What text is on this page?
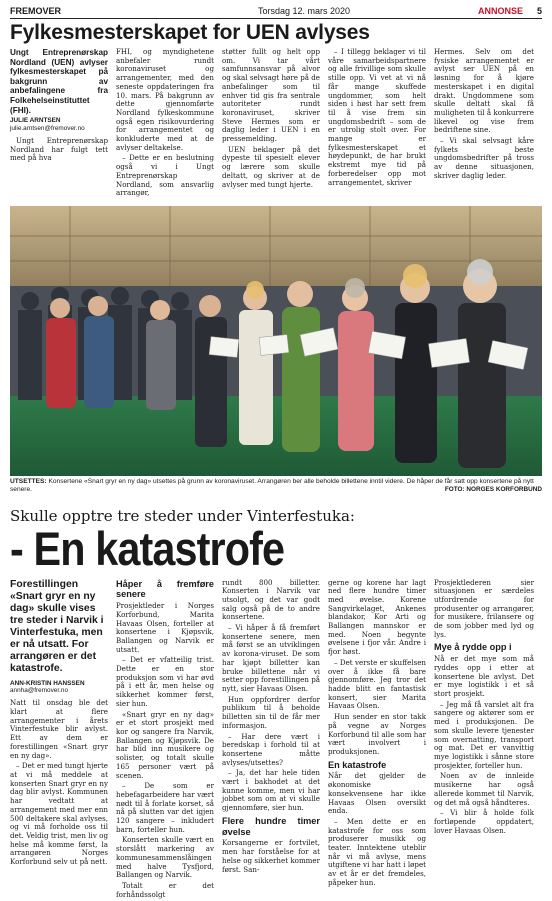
FREMOVER	Torsdag 12. mars 2020	ANNONSE 5
Fylkesmesterskapet for UEN avlyses

Ungt Entreprenørskap Nordland (UEN) avlyser fylkesmesterskapet på bakgrunn av anbefalingene fra Folkehelseinstituttet (FHI).

JULIE ARNTSEN
julie.arntsen@fremover.no

Ungt Entreprenørskap Nordland har fulgt tett med på hva

FHI, og myndighetene anbefaler rundt koronaviruset og arrangementer, med den seneste oppdateringen fra 10. mars. På bakgrunn av dette gjennomførte Nordland fylkeskommune også egen risikovurdering for arrangementet og konkluderte med at de avlyser deltakelse.

– Dette er en beslutning også vi i Ungt Entreprenørskap Nordland, som ansvarlig arrangør,

støtter fullt og helt opp om. Vi tar vårt samfunnsansvar på alvor og skal selvsagt høre på de anbefalinger som til enhver tid gis fra sentrale autoriteter rundt koronaviruset, skriver Steve Hermes som er daglig leder i UEN i en pressemelding.

UEN beklager på det dypeste til spesielt elever og lærere som skulle deltatt, og skriver at de avlyser med tungt hjerte.

– I tillegg beklager vi til våre samarbeidspartnere og alle frivillige som skulle stille opp. Vi vet at vi nå får mange skuffede ungdommer, som helt siden i høst har sett frem til å vise frem sin ungdomsbedrift – som de er utrolig stolt over. For mange er fylkesmesterskapet et høydepunkt, de har brukt ekstremt mye tid på forberedelser opp mot arrangementet, skriver

Hermes. Selv om det fysiske arrangementet er avlyst ser UEN på en løsning for å kjøre mesterskapet i en digital drakt. Ungdommene som skulle deltatt skal få muligheten til å konkurrere likevel og vise frem bedriftene sine.

– Vi skal selvsagt kåre fylkets beste ungdomsbedrifter på tross av denne situasjonen, skriver daglig leder.

UTSETTES: Konsertene «Snart gryr en ny dag» utsettes på grunn av koronaviruset. Arrangøren ber alle beholde billettene inntil videre. De håper de får satt opp konsertene på nytt senere.	FOTO: NORGES KORFORBUND
Skulle opptre tre steder under Vinterfestuka:
- En katastrofe
Forestillingen «Snart gryr en ny dag» skulle vises tre steder i Narvik i Vinterfestuka, men er nå utsatt. For arrangøren er det katastrofe.
ANN-KRISTIN HANSSEN
annha@fremover.no

Natt til onsdag ble det klart at flere arrangementer i årets Vinterfestuke blir avlyst. Ett av dem er forestillingen «Snart gryr en ny dag».

– Det er med tungt hjerte at vi må meddele at konserten Snart gryr en ny dag blir avlyst. Kommunen har vedtatt at arrangement med mer enn 500 deltakere skal avlyses, og vi må forholde oss til det. Veldig trist, men liv og helse må komme først, la arrangøren Norges Korforbund selv ut på nett.

Håper å fremføre senere

Prosjektleder i Norges Korforbund, Marita Havaas Olsen, forteller at konsertene i Kjøpsvik, Ballangen og Narvik er utsatt.

– Det er vfatteilig trist. Dette er en stor produksjon som vi har øvd på i ett år, men helse og sikkerhet kommer først, sier hun.

«Snart gryr en ny dag» er et stort prosjekt med kor og sangere fra Narvik, Ballangen og Kjøpsvik. De har blid inn musikere og solister, og totalt skulle 165 personer vært på scenen.

– De som er hebefagarbeidere har vært nødt til å forlate korset, så nå på slutten var det igjen 120 sangere – inkludert barn, forteller hun.

Konserten skulle vært en storslått markering av kommunesammenslåingen med halve Tysfjord, Ballangen og Narvik.

Totalt er det forhåndssolgt

rundt 800 billetter. Konserten i Narvik var utsolgt, og det var godt salg også på de to andre konsertene.

– Vi håper å få fremført konsertene senere, men må først se an utviklingen av korona-viruset. De som har kjøpt billetter kan bruke billettene når vi setter opp forestillingen på nytt, sier Havaas Olsen.

Hun oppfordrer derfor publikum til å beholde billetten sin til de får mer informasjon.

– Har dere vært i beredskap i forhold til at konsertene måtte avlyses/utsettes?

– Ja, det har hele tiden vært i bakhodet at det kunne komme, men vi har jobbet som om at vi skulle gjennomføre, sier hun.

Flere hundre timer øvelse

Korsangerne er fortvilet, men har forståelse for at helse og sikkerhet kommer først. San-

gerne og korene har lagt ned flere hundre timer med øvelse. Korene Sangvirkelaget, Ankenes blandakor, Kor Arti og Ballangen mannskor er med. Noen begynte øvelsene i fjor vår. Andre i fjor høst.

– Det verste er skuffelsen over å ikke få bare gjennomføre. Jeg tror det hadde blitt en fantastisk konsert, sier Marita Havaas Olsen.

Hun sender en stor takk på vegne av Norges Korforbund til alle som har vært involvert i produksjonen.

En katastrofe

Når det gjelder de økonomiske konsekvensene har ikke Havaas Olsen oversikt enda.

– Men dette er en katastrofe for oss som produserer musikk og teater. Inntektene uteblir når vi må avlyse, mens utgiftene vi har hatt i løpet av et år er det fremdeles, påpeker hun.

Prosjektlederen sier situasjonen er særdeles utfordrende for produsenter og arrangører, for musikere, frilansere og de som jobber med lyd og lys.

Mye å rydde opp i

Nå er det mye som må ryddes opp i etter at konsertene ble avlyst. Det er mye logistikk i et så stort prosjekt.

– Jeg må få varslet alt fra sangere og aktører som er med i produksjonen. De som skulle levere tjenester som overnatting, transport og mat. Det er vanvittig mye logistikk i sånne store prosjekter, forteller hun.

Noen av de innleide musikerne har også allerede kommet til Narvik, og det må også håndteres.

– Vi blir å holde folk fortløpende oppdatert, lover Havaas Olsen.
